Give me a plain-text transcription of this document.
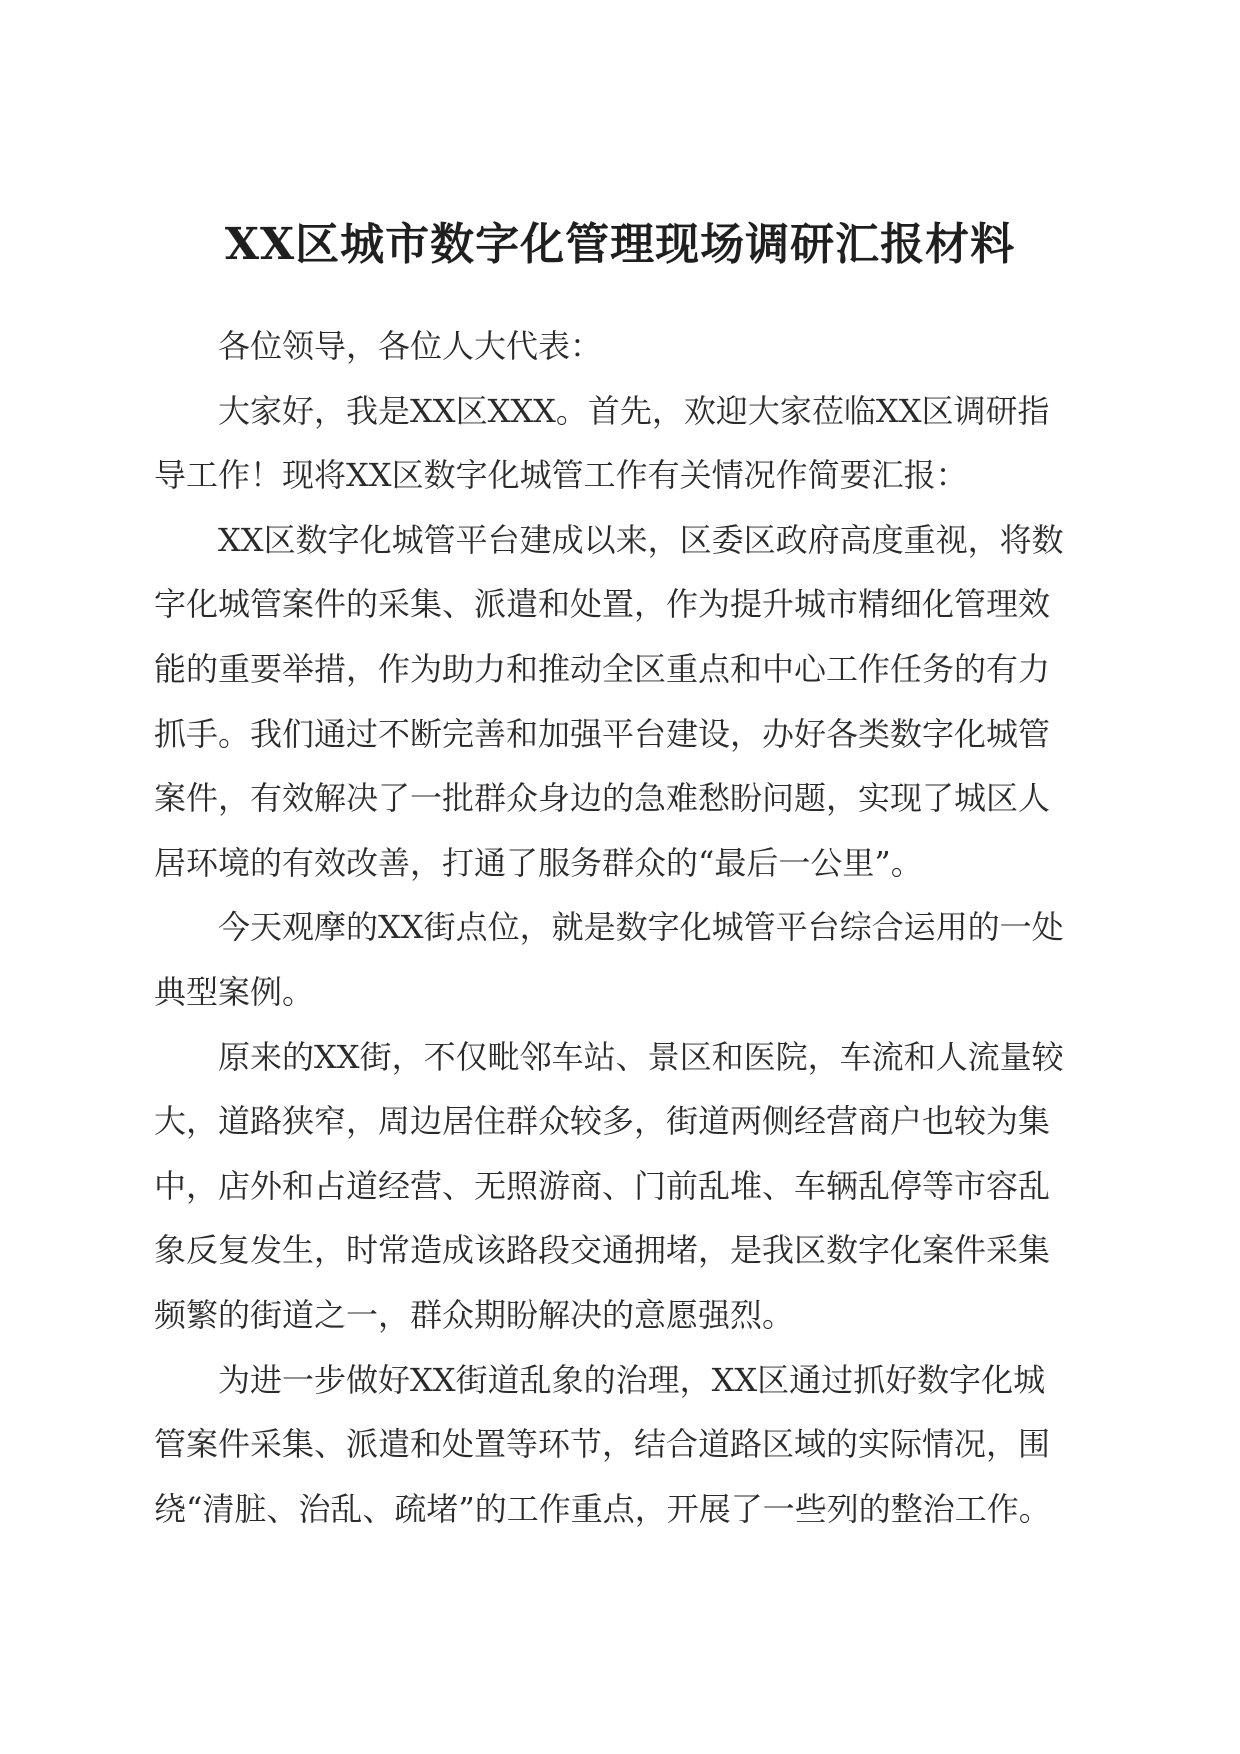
XX区城市数字化管理现场调研汇报材料

各位领导，各位人大代表：

大家好，我是XX区XXX。首先，欢迎大家莅临XX区调研指导工作！现将XX区数字化城管工作有关情况作简要汇报：

XX区数字化城管平台建成以来，区委区政府高度重视，将数字化城管案件的采集、派遣和处置，作为提升城市精细化管理效能的重要举措，作为助力和推动全区重点和中心工作任务的有力抓手。我们通过不断完善和加强平台建设，办好各类数字化城管案件，有效解决了一批群众身边的急难愁盼问题，实现了城区人居环境的有效改善，打通了服务群众的“最后一公里”。

今天观摩的XX街点位，就是数字化城管平台综合运用的一处典型案例。

原来的XX街，不仅毗邻车站、景区和医院，车流和人流量较大，道路狭窄，周边居住群众较多，街道两侧经营商户也较为集中，店外和占道经营、无照游商、门前乱堆、车辆乱停等市容乱象反复发生，时常造成该路段交通拥堵，是我区数字化案件采集频繁的街道之一，群众期盼解决的意愿强烈。

为进一步做好XX街道乱象的治理，XX区通过抓好数字化城管案件采集、派遣和处置等环节，结合道路区域的实际情况，围绕“清脏、治乱、疏堵”的工作重点，开展了一些列的整治工作。
